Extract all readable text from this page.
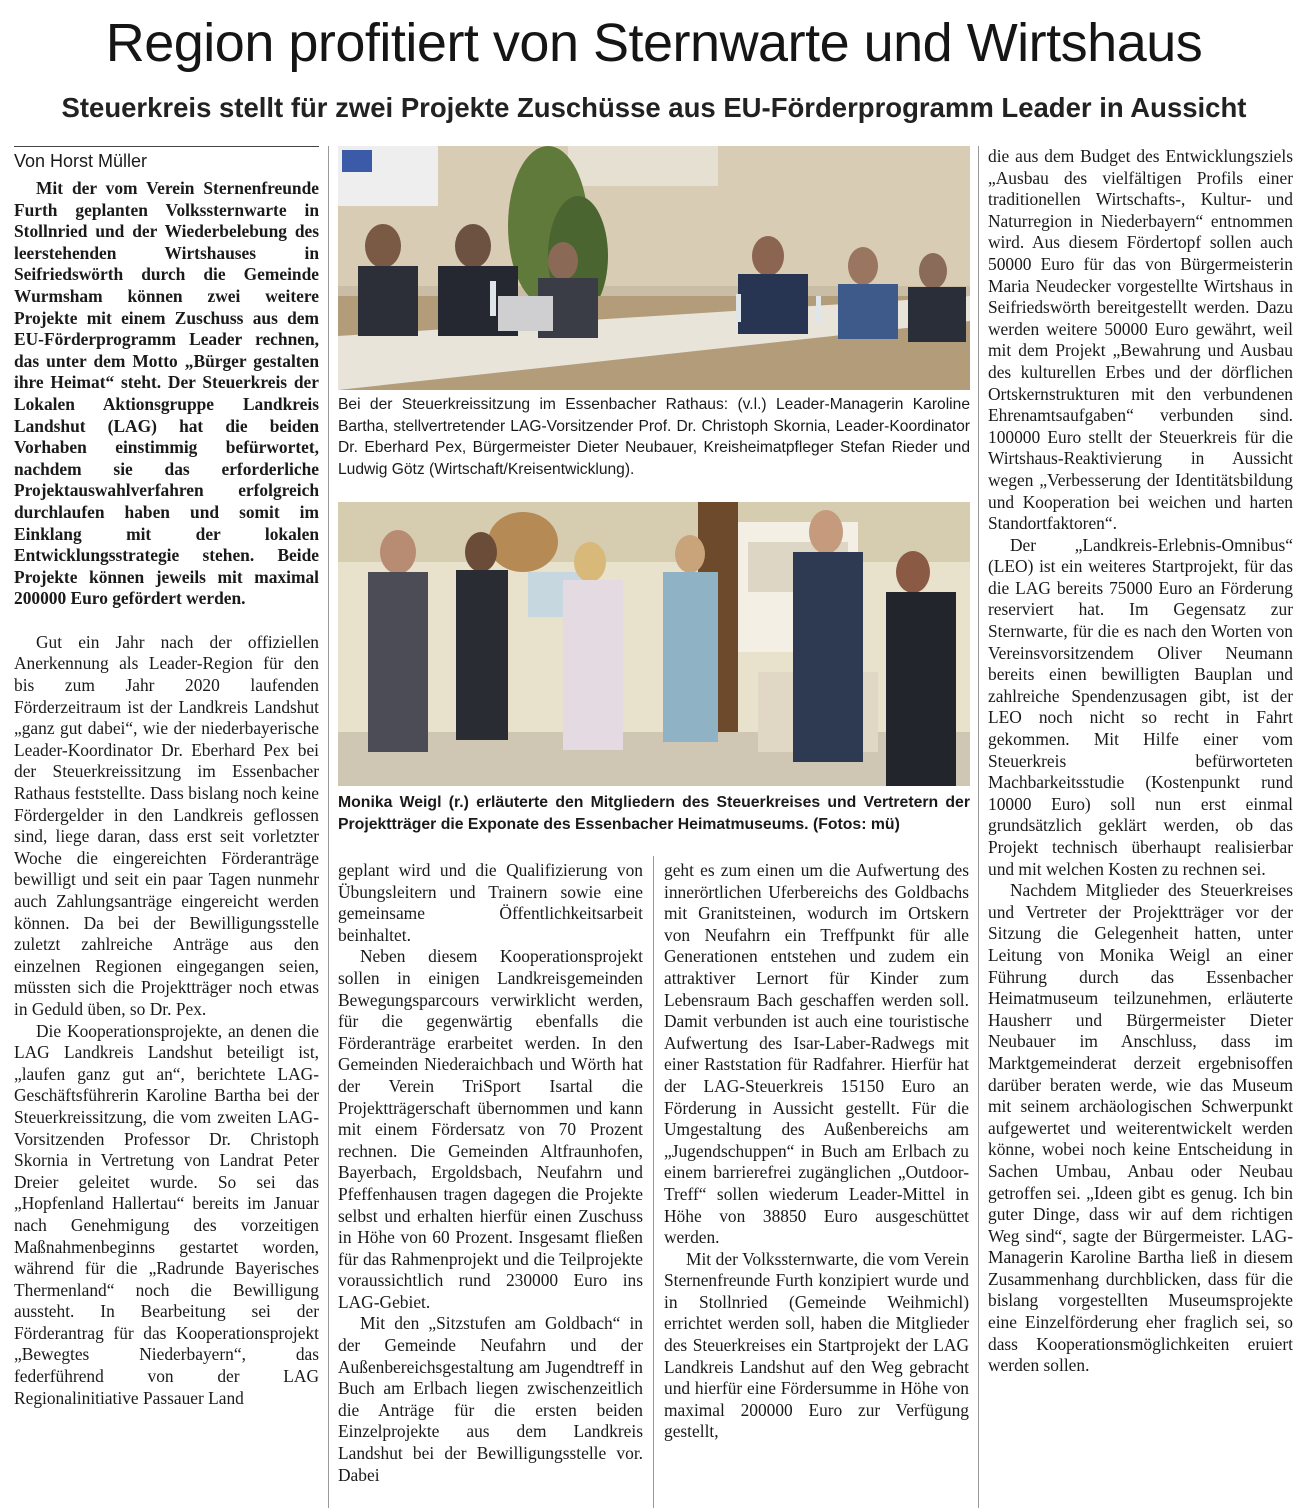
Region profitiert von Sternwarte und Wirtshaus
Steuerkreis stellt für zwei Projekte Zuschüsse aus EU-Förderprogramm Leader in Aussicht
Von Horst Müller

Mit der vom Verein Sternenfreunde Furth geplanten Volkssternwarte in Stollnried und der Wiederbelebung des leerstehenden Wirtshauses in Seifriedswörth durch die Gemeinde Wurmsham können zwei weitere Projekte mit einem Zuschuss aus dem EU-Förderprogramm Leader rechnen, das unter dem Motto „Bürger gestalten ihre Heimat“ steht. Der Steuerkreis der Lokalen Aktionsgruppe Landkreis Landshut (LAG) hat die beiden Vorhaben einstimmig befürwortet, nachdem sie das erforderliche Projektauswahlverfahren erfolgreich durchlaufen haben und somit im Einklang mit der lokalen Entwicklungsstrategie stehen. Beide Projekte können jeweils mit maximal 200000 Euro gefördert werden.

Gut ein Jahr nach der offiziellen Anerkennung als Leader-Region für den bis zum Jahr 2020 laufenden Förderzeitraum ist der Landkreis Landshut „ganz gut dabei“, wie der niederbayerische Leader-Koordinator Dr. Eberhard Pex bei der Steuerkreissitzung im Essenbacher Rathaus feststellte. Dass bislang noch keine Fördergelder in den Landkreis geflossen sind, liege daran, dass erst seit vorletzter Woche die eingereichten Förderanträge bewilligt und seit ein paar Tagen nunmehr auch Zahlungsanträge eingereicht werden können. Da bei der Bewilligungsstelle zuletzt zahlreiche Anträge aus den einzelnen Regionen eingegangen seien, müssten sich die Projektträger noch etwas in Geduld üben, so Dr. Pex.

Die Kooperationsprojekte, an denen die LAG Landkreis Landshut beteiligt ist, „laufen ganz gut an“, berichtete LAG-Geschäftsführerin Karoline Bartha bei der Steuerkreissitzung, die vom zweiten LAG-Vorsitzenden Professor Dr. Christoph Skornia in Vertretung von Landrat Peter Dreier geleitet wurde. So sei das „Hopfenland Hallertau“ bereits im Januar nach Genehmigung des vorzeitigen Maßnahmenbeginns gestartet worden, während für die „Radrunde Bayerisches Thermenland“ noch die Bewilligung aussteht. In Bearbeitung sei der Förderantrag für das Kooperationsprojekt „Bewegtes Niederbayern“, das federführend von der LAG Regionalinitiative Passauer Land

Bei der Steuerkreissitzung im Essenbacher Rathaus: (v.l.) Leader-Managerin Karoline Bartha, stellvertretender LAG-Vorsitzender Prof. Dr. Christoph Skornia, Leader-Koordinator Dr. Eberhard Pex, Bürgermeister Dieter Neubauer, Kreisheimatpfleger Stefan Rieder und Ludwig Götz (Wirtschaft/Kreisentwicklung).
Monika Weigl (r.) erläuterte den Mitgliedern des Steuerkreises und Vertretern der Projektträger die Exponate des Essenbacher Heimatmuseums. (Fotos: mü)

geplant wird und die Qualifizierung von Übungsleitern und Trainern sowie eine gemeinsame Öffentlichkeitsarbeit beinhaltet.

Neben diesem Kooperationsprojekt sollen in einigen Landkreisgemeinden Bewegungsparcours verwirklicht werden, für die gegenwärtig ebenfalls die Förderanträge erarbeitet werden. In den Gemeinden Niederaichbach und Wörth hat der Verein TriSport Isartal die Projektträgerschaft übernommen und kann mit einem Fördersatz von 70 Prozent rechnen. Die Gemeinden Altfraunhofen, Bayerbach, Ergoldsbach, Neufahrn und Pfeffenhausen tragen dagegen die Projekte selbst und erhalten hierfür einen Zuschuss in Höhe von 60 Prozent. Insgesamt fließen für das Rahmenprojekt und die Teilprojekte voraussichtlich rund 230000 Euro ins LAG-Gebiet.

Mit den „Sitzstufen am Goldbach“ in der Gemeinde Neufahrn und der Außenbereichsgestaltung am Jugendtreff in Buch am Erlbach liegen zwischenzeitlich die Anträge für die ersten beiden Einzelprojekte aus dem Landkreis Landshut bei der Bewilligungsstelle vor. Dabei

geht es zum einen um die Aufwertung des innerörtlichen Uferbereichs des Goldbachs mit Granitsteinen, wodurch im Ortskern von Neufahrn ein Treffpunkt für alle Generationen entstehen und zudem ein attraktiver Lernort für Kinder zum Lebensraum Bach geschaffen werden soll. Damit verbunden ist auch eine touristische Aufwertung des Isar-Laber-Radwegs mit einer Raststation für Radfahrer. Hierfür hat der LAG-Steuerkreis 15150 Euro an Förderung in Aussicht gestellt. Für die Umgestaltung des Außenbereichs am „Jugendschuppen“ in Buch am Erlbach zu einem barrierefrei zugänglichen „Outdoor-Treff“ sollen wiederum Leader-Mittel in Höhe von 38850 Euro ausgeschüttet werden.

Mit der Volkssternwarte, die vom Verein Sternenfreunde Furth konzipiert wurde und in Stollnried (Gemeinde Weihmichl) errichtet werden soll, haben die Mitglieder des Steuerkreises ein Startprojekt der LAG Landkreis Landshut auf den Weg gebracht und hierfür eine Fördersumme in Höhe von maximal 200000 Euro zur Verfügung gestellt,

die aus dem Budget des Entwicklungsziels „Ausbau des vielfältigen Profils einer traditionellen Wirtschafts-, Kultur- und Naturregion in Niederbayern“ entnommen wird. Aus diesem Fördertopf sollen auch 50000 Euro für das von Bürgermeisterin Maria Neudecker vorgestellte Wirtshaus in Seifriedswörth bereitgestellt werden. Dazu werden weitere 50000 Euro gewährt, weil mit dem Projekt „Bewahrung und Ausbau des kulturellen Erbes und der dörflichen Ortskernstrukturen mit den verbundenen Ehrenamtsaufgaben“ verbunden sind. 100000 Euro stellt der Steuerkreis für die Wirtshaus-Reaktivierung in Aussicht wegen „Verbesserung der Identitätsbildung und Kooperation bei weichen und harten Standortfaktoren“.

Der „Landkreis-Erlebnis-Omnibus“ (LEO) ist ein weiteres Startprojekt, für das die LAG bereits 75000 Euro an Förderung reserviert hat. Im Gegensatz zur Sternwarte, für die es nach den Worten von Vereinsvorsitzendem Oliver Neumann bereits einen bewilligten Bauplan und zahlreiche Spendenzusagen gibt, ist der LEO noch nicht so recht in Fahrt gekommen. Mit Hilfe einer vom Steuerkreis befürworteten Machbarkeitsstudie (Kostenpunkt rund 10000 Euro) soll nun erst einmal grundsätzlich geklärt werden, ob das Projekt technisch überhaupt realisierbar und mit welchen Kosten zu rechnen sei.

Nachdem Mitglieder des Steuerkreises und Vertreter der Projektträger vor der Sitzung die Gelegenheit hatten, unter Leitung von Monika Weigl an einer Führung durch das Essenbacher Heimatmuseum teilzunehmen, erläuterte Hausherr und Bürgermeister Dieter Neubauer im Anschluss, dass im Marktgemeinderat derzeit ergebnisoffen darüber beraten werde, wie das Museum mit seinem archäologischen Schwerpunkt aufgewertet und weiterentwickelt werden könne, wobei noch keine Entscheidung in Sachen Umbau, Anbau oder Neubau getroffen sei. „Ideen gibt es genug. Ich bin guter Dinge, dass wir auf dem richtigen Weg sind“, sagte der Bürgermeister. LAG-Managerin Karoline Bartha ließ in diesem Zusammenhang durchblicken, dass für die bislang vorgestellten Museumsprojekte eine Einzelförderung eher fraglich sei, so dass Kooperationsmöglichkeiten eruiert werden sollen.
